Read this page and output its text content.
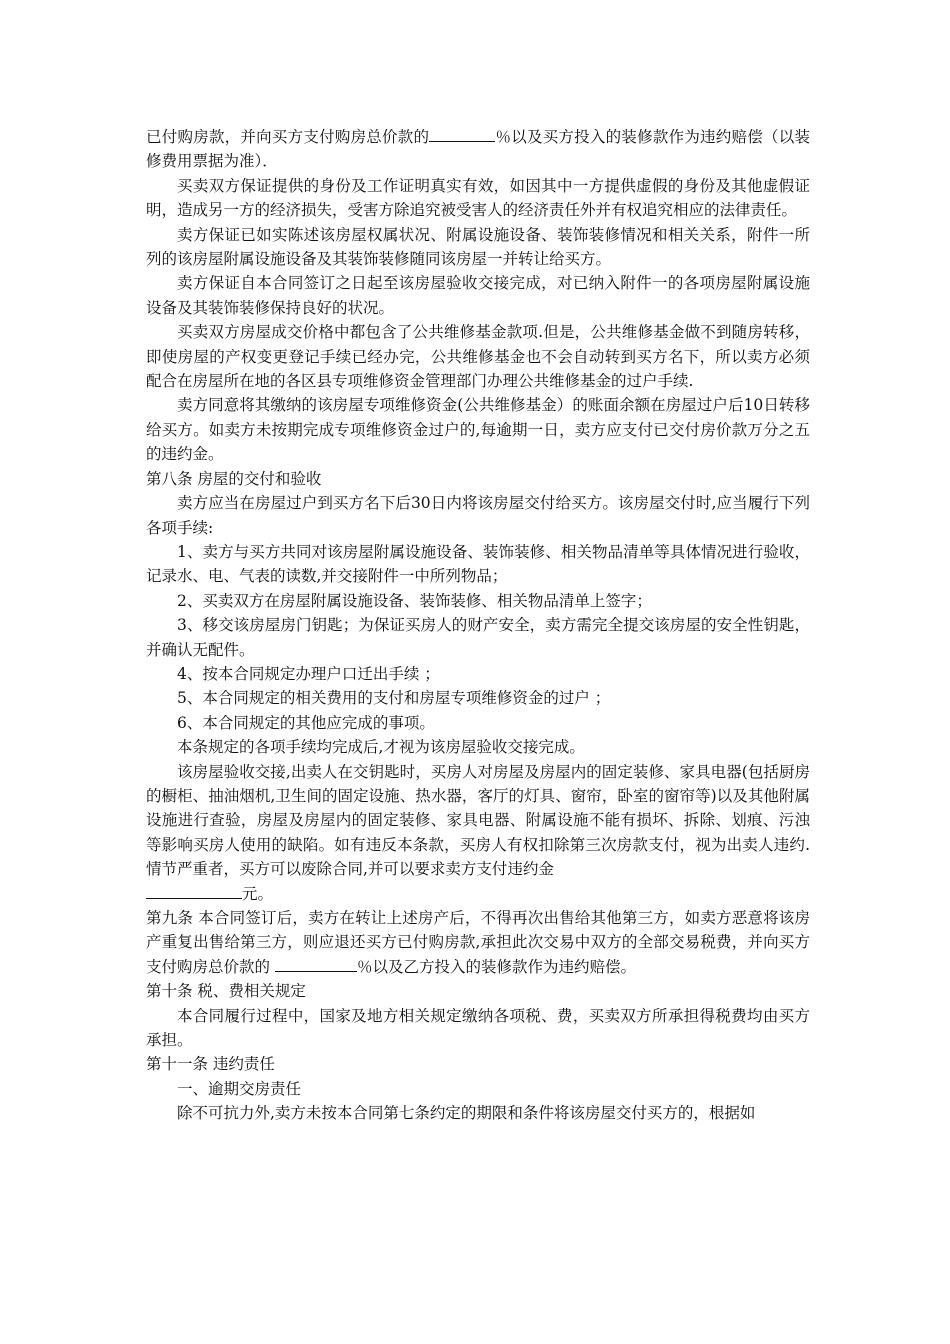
已付购房款，并向买方支付购房总价款的	％以及买方投入的装修款作为违约赔偿（以装修费用票据为准）．

买卖双方保证提供的身份及工作证明真实有效，如因其中一方提供虚假的身份及其他虚假证明，造成另一方的经济损失，受害方除追究被受害人的经济责任外并有权追究相应的法律责任。

卖方保证已如实陈述该房屋权属状况、附属设施设备、装饰装修情况和相关关系，附件一所列的该房屋附属设施设备及其装饰装修随同该房屋一并转让给买方。

卖方保证自本合同签订之日起至该房屋验收交接完成，对已纳入附件一的各项房屋附属设施设备及其装饰装修保持良好的状况。

买卖双方房屋成交价格中都包含了公共维修基金款项.但是，公共维修基金做不到随房转移，即使房屋的产权变更登记手续已经办完，公共维修基金也不会自动转到买方名下，所以卖方必须配合在房屋所在地的各区县专项维修资金管理部门办理公共维修基金的过户手续.

卖方同意将其缴纳的该房屋专项维修资金(公共维修基金）的账面余额在房屋过户后10日转移给买方。如卖方未按期完成专项维修资金过户的,每逾期一日，卖方应支付已交付房价款万分之五的违约金。

第八条 房屋的交付和验收

卖方应当在房屋过户到买方名下后30日内将该房屋交付给买方。该房屋交付时,应当履行下列各项手续:

1、卖方与买方共同对该房屋附属设施设备、装饰装修、相关物品清单等具体情况进行验收，记录水、电、气表的读数,并交接附件一中所列物品；

2、买卖双方在房屋附属设施设备、装饰装修、相关物品清单上签字；

3、移交该房屋房门钥匙；为保证买房人的财产安全，卖方需完全提交该房屋的安全性钥匙，并确认无配件。

4、按本合同规定办理户口迁出手续 ；

5、本合同规定的相关费用的支付和房屋专项维修资金的过户 ；

6、本合同规定的其他应完成的事项。

本条规定的各项手续均完成后,才视为该房屋验收交接完成。

该房屋验收交接,出卖人在交钥匙时，买房人对房屋及房屋内的固定装修、家具电器(包括厨房的橱柜、抽油烟机,卫生间的固定设施、热水器，客厅的灯具、窗帘，卧室的窗帘等)以及其他附属设施进行查验，房屋及房屋内的固定装修、家具电器、附属设施不能有损坏、拆除、划痕、污浊等影响买房人使用的缺陷。如有违反本条款，买房人有权扣除第三次房款支付，视为出卖人违约.情节严重者，买方可以废除合同,并可以要求卖方支付违约金

元。

第九条 本合同签订后，卖方在转让上述房产后，不得再次出售给其他第三方，如卖方恶意将该房产重复出售给第三方，则应退还买方已付购房款,承担此次交易中双方的全部交易税费，并向买方支付购房总价款的	％以及乙方投入的装修款作为违约赔偿。

第十条 税、费相关规定

本合同履行过程中，国家及地方相关规定缴纳各项税、费，买卖双方所承担得税费均由买方承担。

第十一条 违约责任

一、逾期交房责任

除不可抗力外,卖方未按本合同第七条约定的期限和条件将该房屋交付买方的，根据如
